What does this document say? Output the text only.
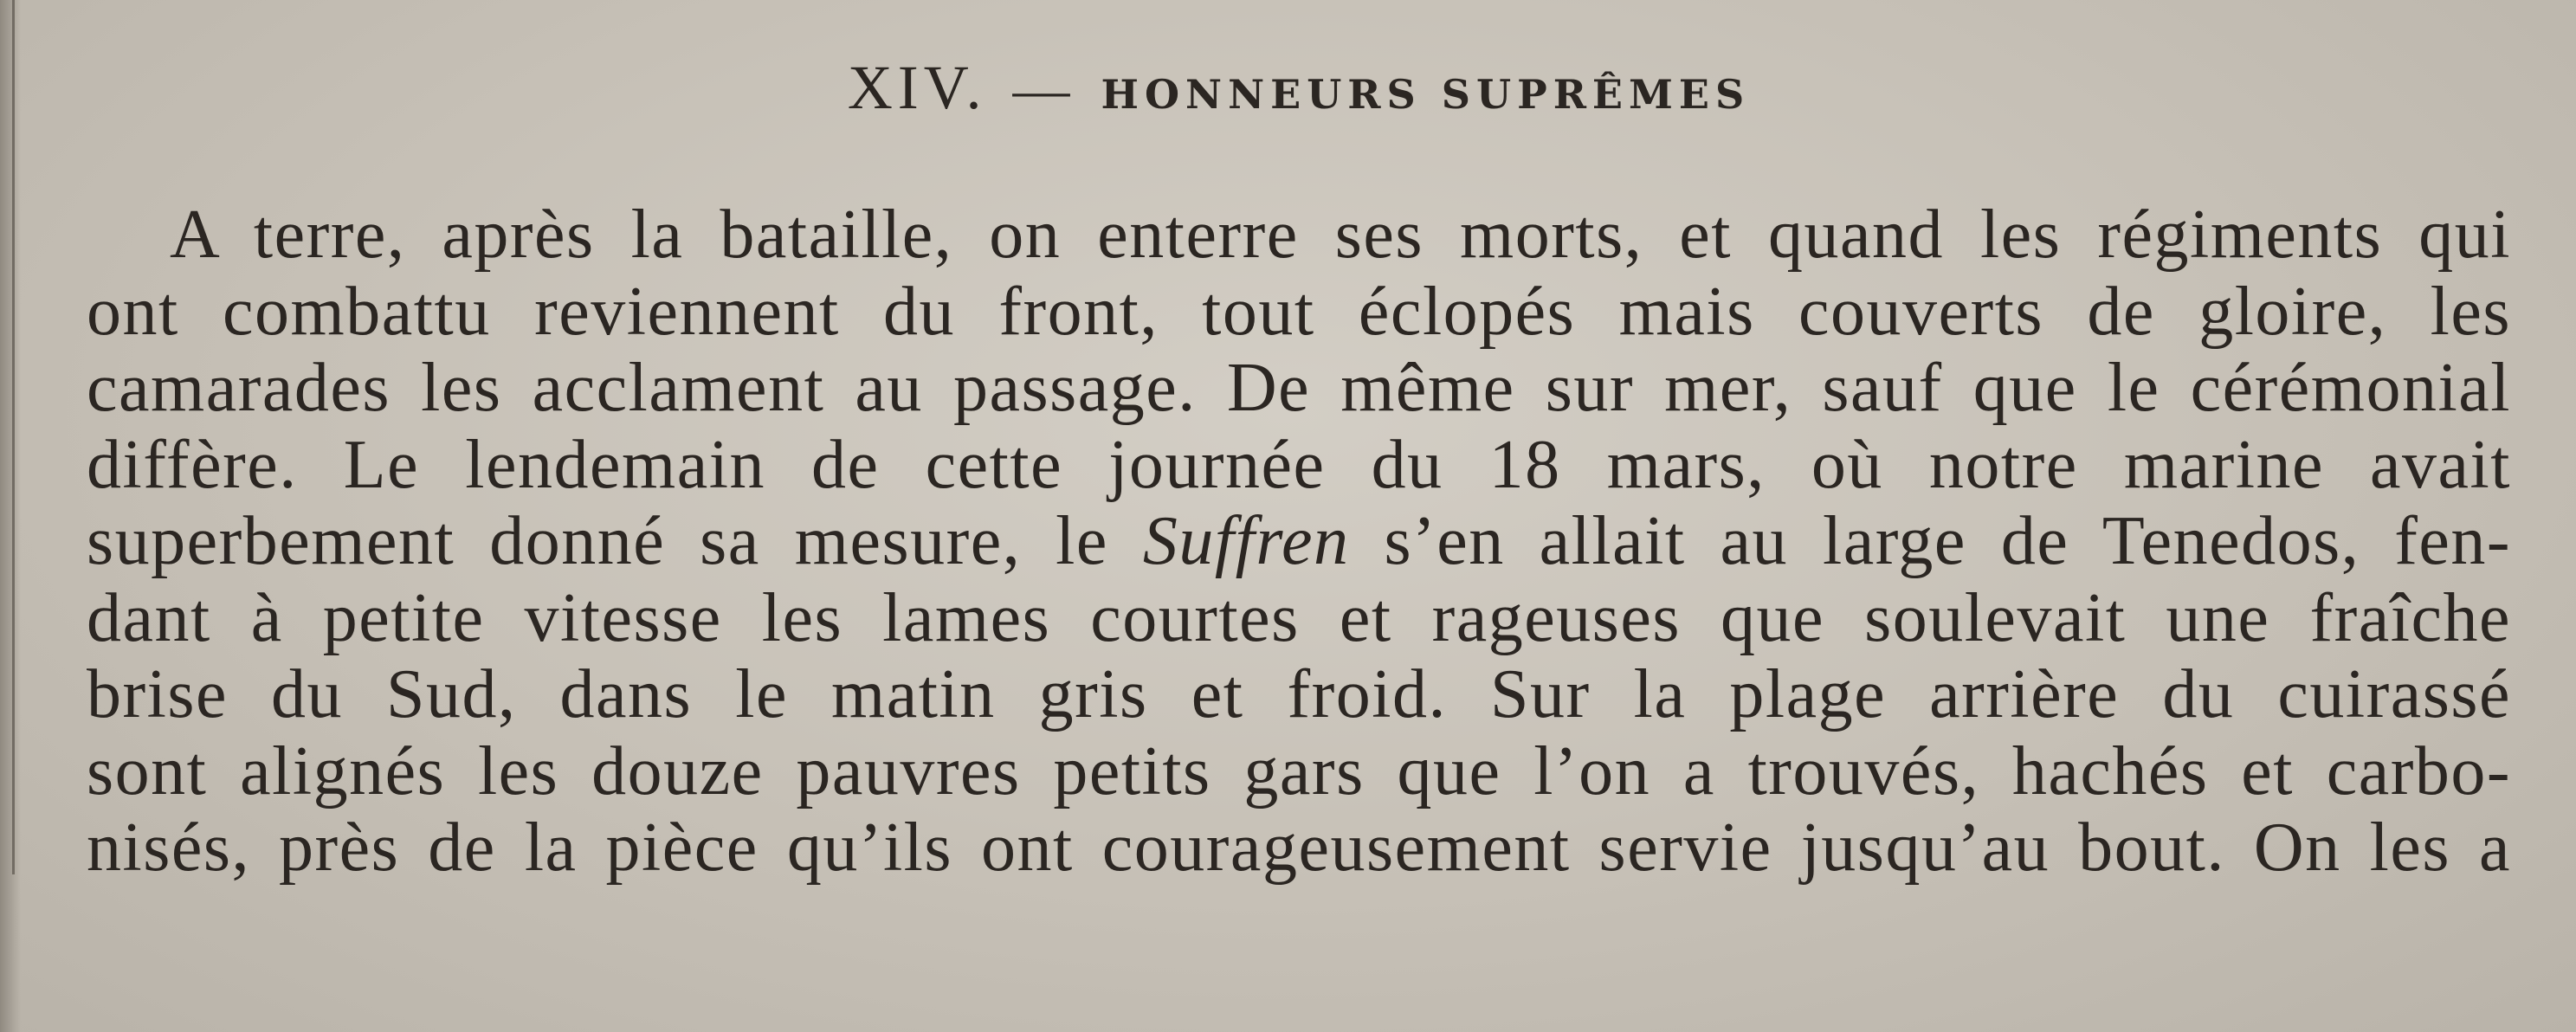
XIV. — HONNEURS SUPRÊMES
A terre, après la bataille, on enterre ses morts, et quand les régiments qui
ont combattu reviennent du front, tout éclopés mais couverts de gloire, les
camarades les acclament au passage. De même sur mer, sauf que le cérémonial
diffère. Le lendemain de cette journée du 18 mars, où notre marine avait
superbement donné sa mesure, le Suffren s’en allait au large de Tenedos, fen-
dant à petite vitesse les lames courtes et rageuses que soulevait une fraîche
brise du Sud, dans le matin gris et froid. Sur la plage arrière du cuirassé
sont alignés les douze pauvres petits gars que l’on a trouvés, hachés et carbo-
nisés, près de la pièce qu’ils ont courageusement servie jusqu’au bout. On les a
